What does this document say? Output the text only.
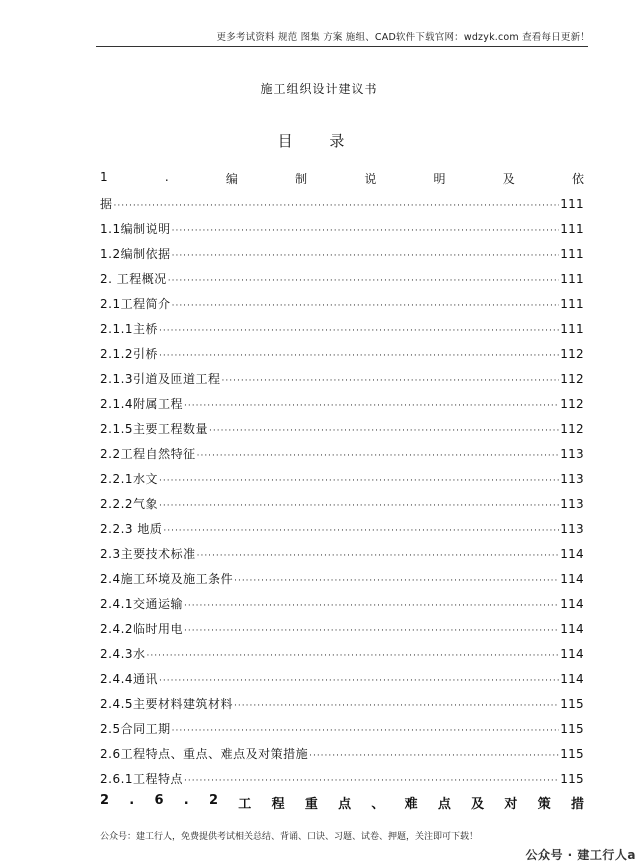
更多考试资料 规范 图集 方案 施组、CAD软件下载官网：wdzyk.com 查看每日更新！
施工组织设计建议书
目 录
1	.	编	制	说	明	及	依
据 ·····	111
1.1编制说明 ·····	111
1.2编制依据 ·····	111
2. 工程概况 ·····	111
2.1工程简介 ·····	111
2.1.1主桥 ·····	111
2.1.2引桥 ·····	112
2.1.3引道及匝道工程 ·····	112
2.1.4附属工程 ·····	112
2.1.5主要工程数量 ·····	112
2.2工程自然特征 ·····	113
2.2.1水文 ·····	113
2.2.2气象 ·····	113
2.2.3 地质 ·····	113
2.3主要技术标准 ·····	114
2.4施工环境及施工条件 ·····	114
2.4.1交通运输 ·····	114
2.4.2临时用电 ·····	114
2.4.3水 ·····	114
2.4.4通讯 ·····	114
2.4.5主要材料建筑材料 ·····	115
2.5合同工期 ·····	115
2.6工程特点、重点、难点及对策措施 ·····	115
2.6.1工程特点 ·····	115
2 . 6 . 2 工 程 重 点 、 难 点 及 对 策 措
公众号：建工行人，免费提供考试相关总结、背诵、口诀、习题、试卷、押题，关注即可下载！
公众号 · 建工行人a
